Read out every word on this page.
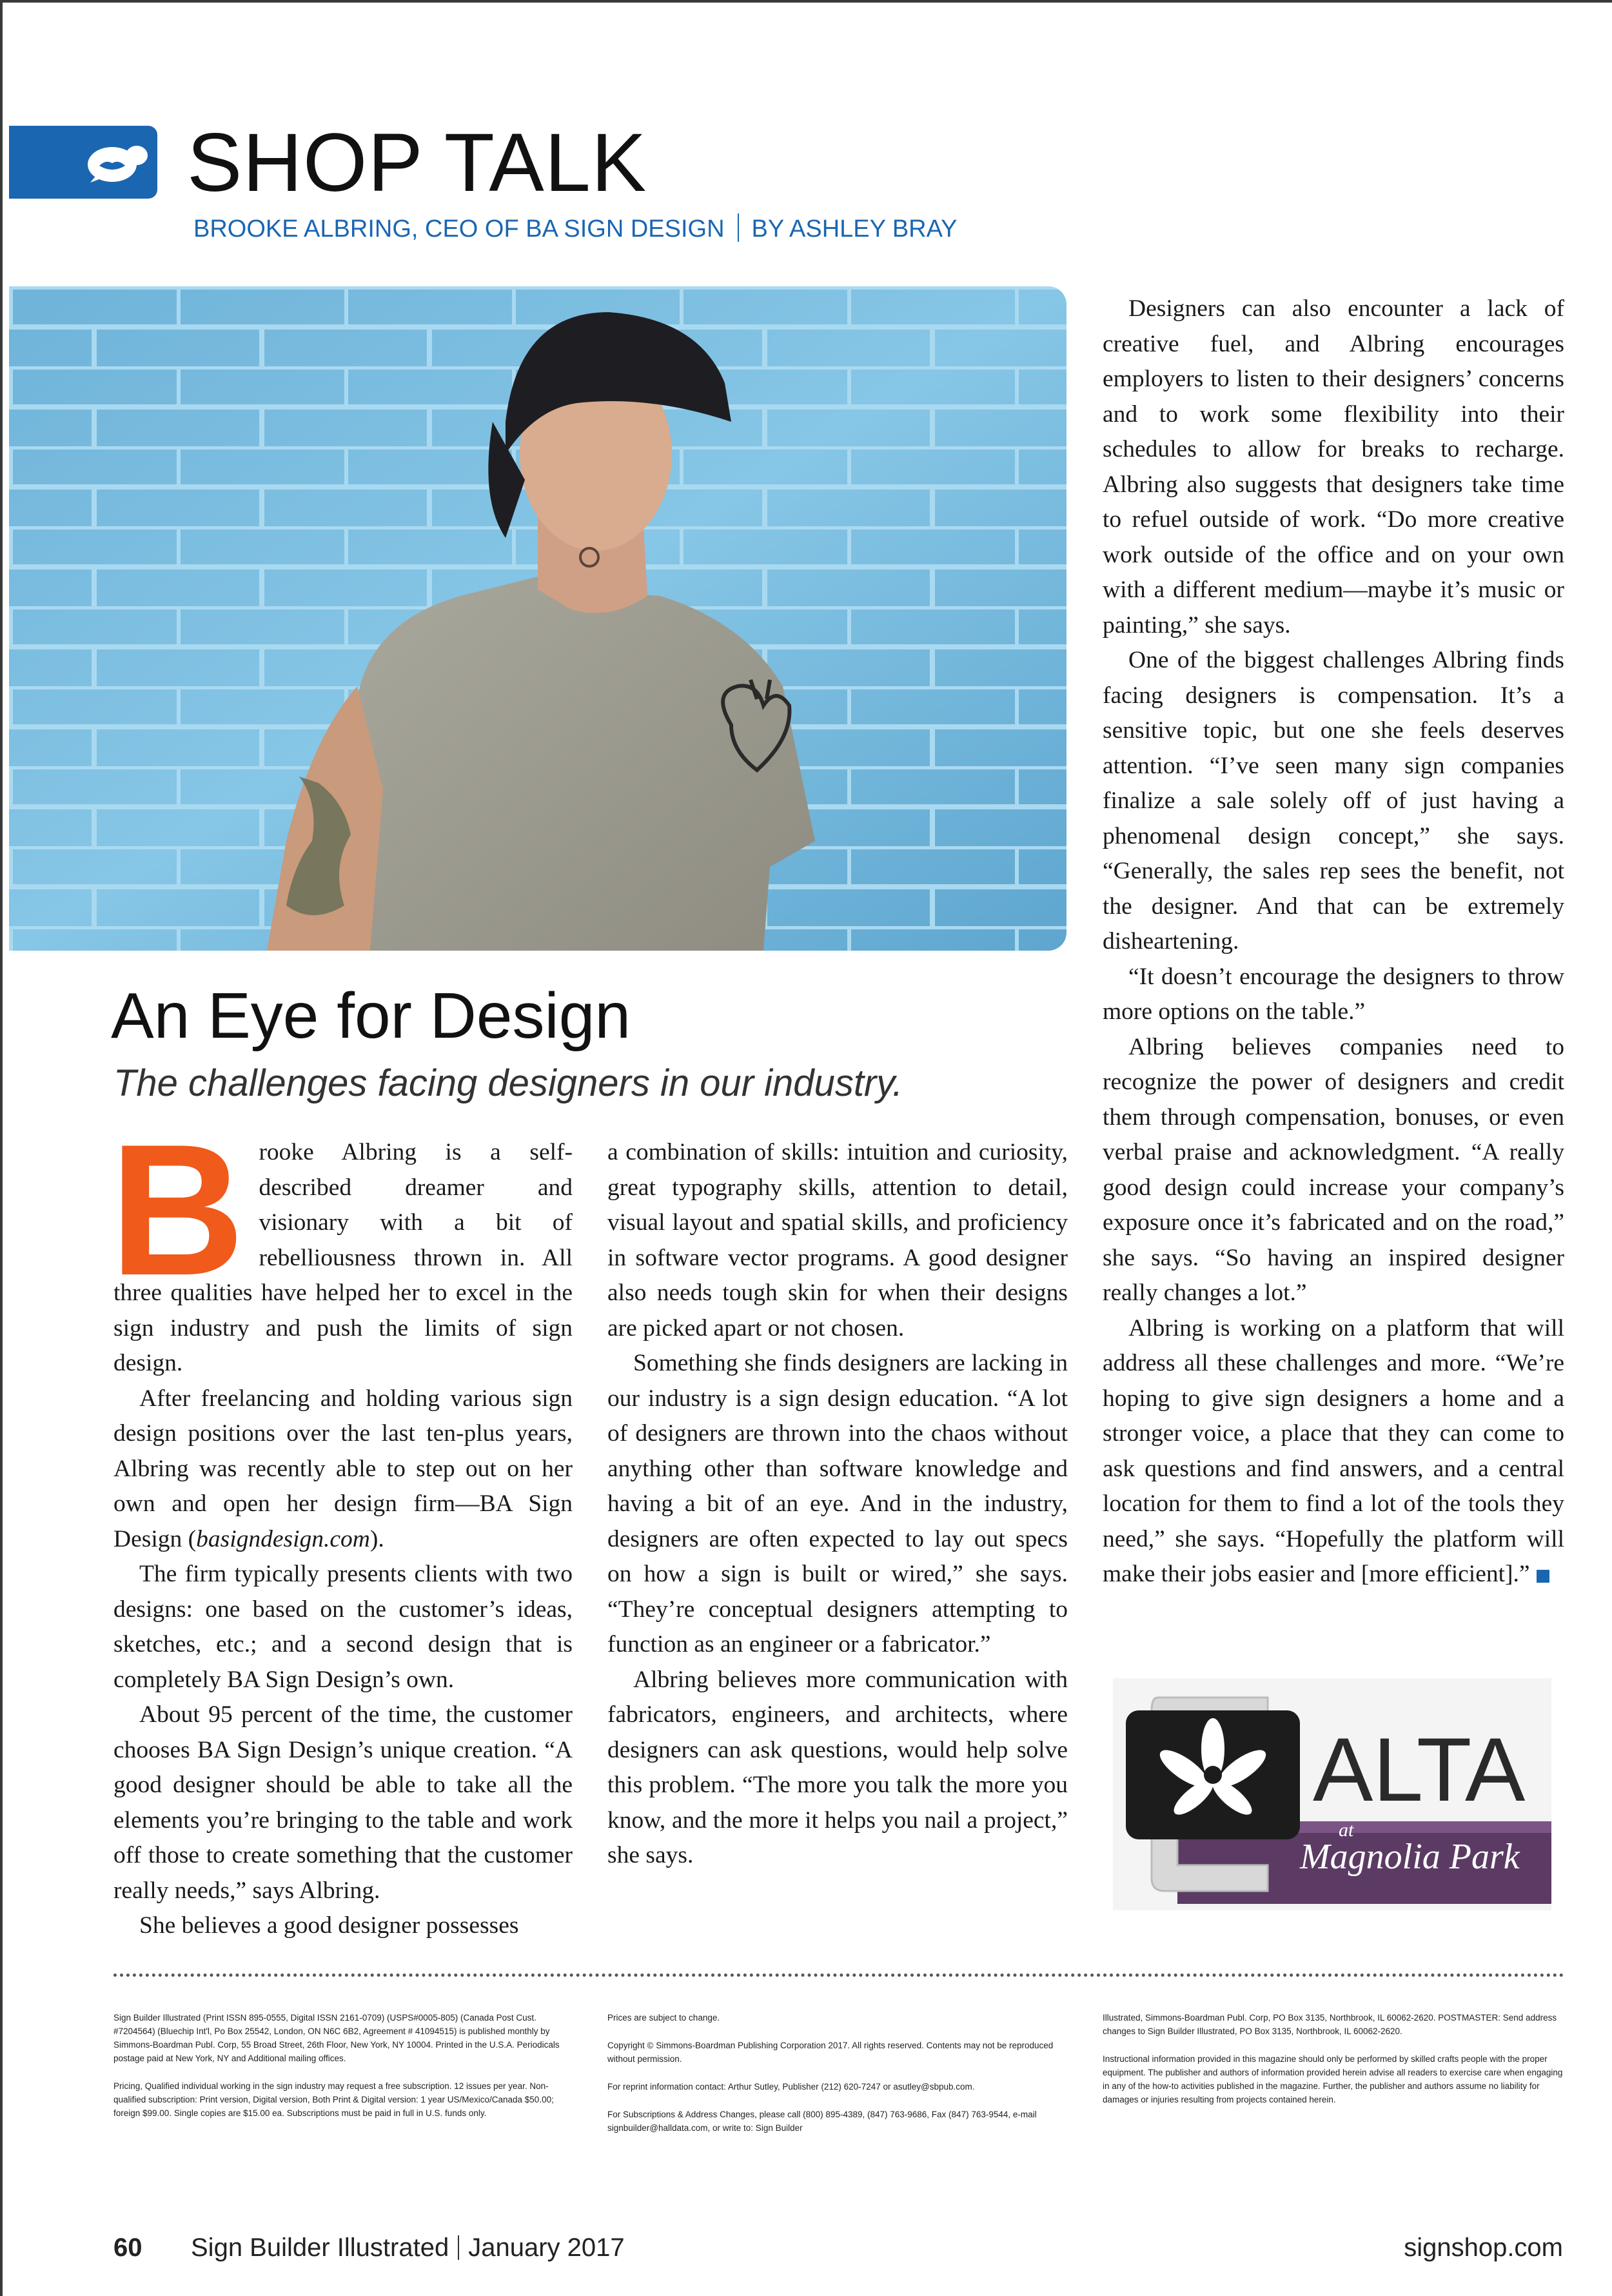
SHOP TALK
BROOKE ALBRING, CEO OF BA SIGN DESIGN BY ASHLEY BRAY
An Eye for Design
The challenges facing designers in our industry.

Brooke Albring is a self-described dreamer and visionary with a bit of rebelliousness thrown in. All three qualities have helped her to excel in the sign industry and push the limits of sign design.

After freelancing and holding various sign design positions over the last ten-plus years, Albring was recently able to step out on her own and open her design firm—BA Sign Design (basigndesign.com).

The firm typically presents clients with two designs: one based on the customer’s ideas, sketches, etc.; and a second design that is completely BA Sign Design’s own.

About 95 percent of the time, the customer chooses BA Sign Design’s unique creation. “A good designer should be able to take all the elements you’re bringing to the table and work off those to create something that the customer really needs,” says Albring.

She believes a good designer possesses

a combination of skills: intuition and curiosity, great typography skills, attention to detail, visual layout and spatial skills, and proficiency in software vector programs. A good designer also needs tough skin for when their designs are picked apart or not chosen.

Something she finds designers are lacking in our industry is a sign design education. “A lot of designers are thrown into the chaos without anything other than software knowledge and having a bit of an eye. And in the industry, designers are often expected to lay out specs on how a sign is built or wired,” she says. “They’re conceptual designers attempting to function as an engineer or a fabricator.”

Albring believes more communication with fabricators, engineers, and architects, where designers can ask questions, would help solve this problem. “The more you talk the more you know, and the more it helps you nail a project,” she says.

Designers can also encounter a lack of creative fuel, and Albring encourages employers to listen to their designers’ concerns and to work some flexibility into their schedules to allow for breaks to recharge. Albring also suggests that designers take time to refuel outside of work. “Do more creative work outside of the office and on your own with a different medium—maybe it’s music or painting,” she says.

One of the biggest challenges Albring finds facing designers is compensation. It’s a sensitive topic, but one she feels deserves attention. “I’ve seen many sign companies finalize a sale solely off of just having a phenomenal design concept,” she says. “Generally, the sales rep sees the benefit, not the designer. And that can be extremely disheartening.

“It doesn’t encourage the designers to throw more options on the table.”

Albring believes companies need to recognize the power of designers and credit them through compensation, bonuses, or even verbal praise and acknowledgment. “A really good design could increase your company’s exposure once it’s fabricated and on the road,” she says. “So having an inspired designer really changes a lot.”

Albring is working on a platform that will address all these challenges and more. “We’re hoping to give sign designers a home and a stronger voice, a place that they can come to ask questions and find answers, and a central location for them to find a lot of the tools they need,” she says. “Hopefully the platform will make their jobs easier and [more efficient].”

ALTA
at
Magnolia Park

Sign Builder Illustrated (Print ISSN 895-0555, Digital ISSN 2161-0709) (USPS#0005-805) (Canada Post Cust. #7204564) (Bluechip Int'l, Po Box 25542, London, ON N6C 6B2, Agreement # 41094515) is published monthly by Simmons-Boardman Publ. Corp, 55 Broad Street, 26th Floor, New York, NY 10004. Printed in the U.S.A. Periodicals postage paid at New York, NY and Additional mailing offices.

Pricing, Qualified individual working in the sign industry may request a free subscription. 12 issues per year. Non-qualified subscription: Print version, Digital version, Both Print & Digital version: 1 year US/Mexico/Canada $50.00; foreign $99.00. Single copies are $15.00 ea. Subscriptions must be paid in full in U.S. funds only.

Prices are subject to change.

Copyright © Simmons-Boardman Publishing Corporation 2017. All rights reserved. Contents may not be reproduced without permission.

For reprint information contact: Arthur Sutley, Publisher (212) 620-7247 or asutley@sbpub.com.

For Subscriptions & Address Changes, please call (800) 895-4389, (847) 763-9686, Fax (847) 763-9544, e-mail signbuilder@halldata.com, or write to: Sign Builder

Illustrated, Simmons-Boardman Publ. Corp, PO Box 3135, Northbrook, IL 60062-2620. POSTMASTER: Send address changes to Sign Builder Illustrated, PO Box 3135, Northbrook, IL 60062-2620.

Instructional information provided in this magazine should only be performed by skilled crafts people with the proper equipment. The publisher and authors of information provided herein advise all readers to exercise care when engaging in any of the how-to activities published in the magazine. Further, the publisher and authors assume no liability for damages or injuries resulting from projects contained herein.

60 Sign Builder Illustrated January 2017	signshop.com
